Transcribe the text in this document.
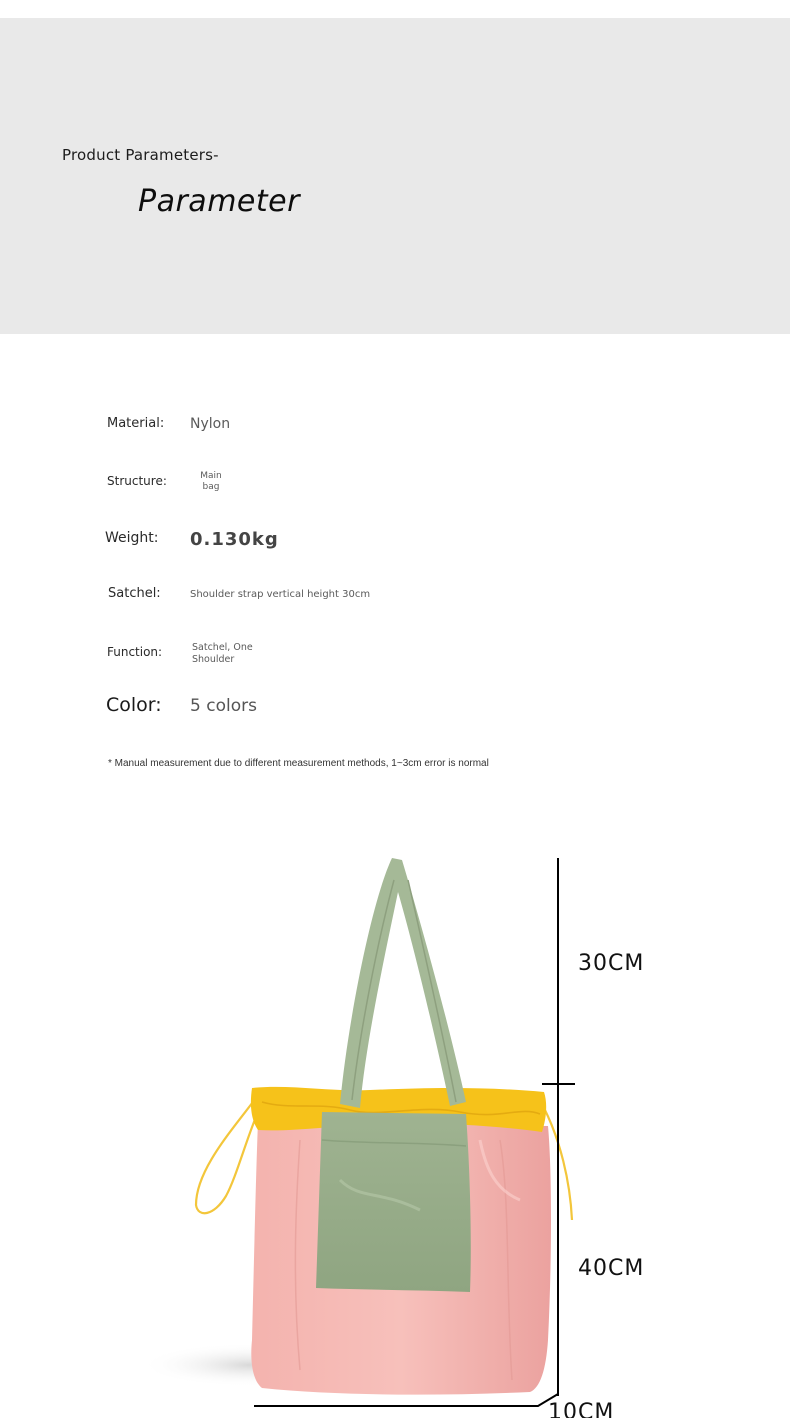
Product Parameters-
Parameter
Material: Nylon
Structure:	Main bag
Weight: 0.130kg
Satchel:	Shoulder strap vertical height 30cm
Function:	Satchel, One Shoulder
Color: 5 colors
* Manual measurement due to different measurement methods, 1~3cm error is normal
30CM
40CM
10CM
